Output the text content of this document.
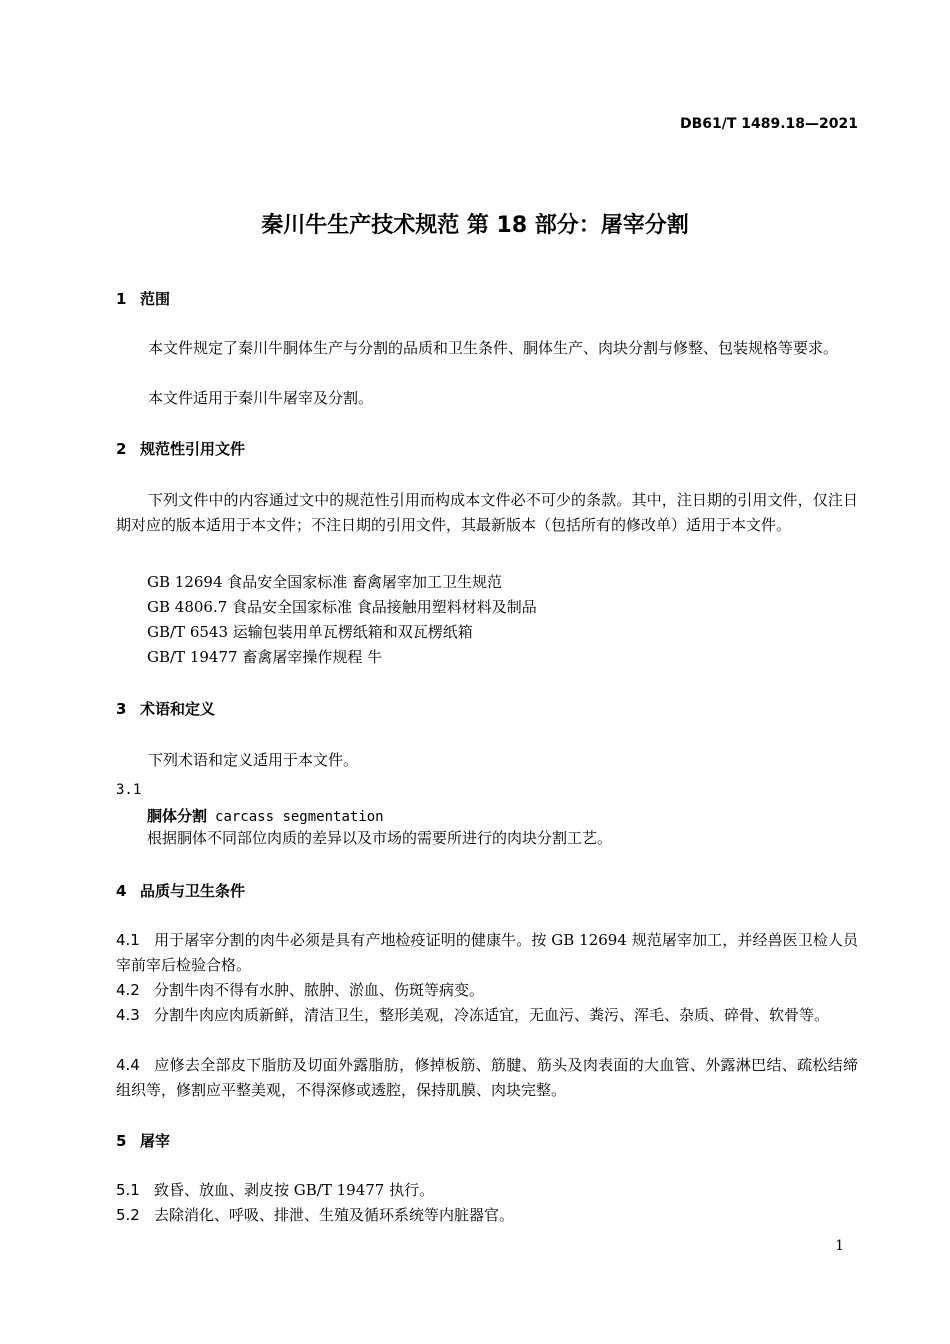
DB61/T 1489.18—2021
秦川牛生产技术规范 第 18 部分：屠宰分割
1 范围
本文件规定了秦川牛胴体生产与分割的品质和卫生条件、胴体生产、肉块分割与修整、包装规格等要求。
本文件适用于秦川牛屠宰及分割。
2 规范性引用文件
下列文件中的内容通过文中的规范性引用而构成本文件必不可少的条款。其中，注日期的引用文件，仅注日期对应的版本适用于本文件；不注日期的引用文件，其最新版本（包括所有的修改单）适用于本文件。
GB 12694 食品安全国家标准 畜禽屠宰加工卫生规范
GB 4806.7 食品安全国家标准 食品接触用塑料材料及制品
GB/T 6543 运输包装用单瓦楞纸箱和双瓦楞纸箱
GB/T 19477 畜禽屠宰操作规程 牛
3 术语和定义
下列术语和定义适用于本文件。
3.1
胴体分割 carcass segmentation
根据胴体不同部位肉质的差异以及市场的需要所进行的肉块分割工艺。
4 品质与卫生条件
4.1 用于屠宰分割的肉牛必须是具有产地检疫证明的健康牛。按 GB 12694 规范屠宰加工，并经兽医卫检人员宰前宰后检验合格。
4.2 分割牛肉不得有水肿、脓肿、淤血、伤斑等病变。
4.3 分割牛肉应肉质新鲜，清洁卫生，整形美观，冷冻适宜，无血污、粪污、浑毛、杂质、碎骨、软骨等。
4.4 应修去全部皮下脂肪及切面外露脂肪，修掉板筋、筋腱、筋头及肉表面的大血管、外露淋巴结、疏松结缔组织等，修割应平整美观，不得深修或透腔，保持肌膜、肉块完整。
5 屠宰
5.1 致昏、放血、剥皮按 GB/T 19477 执行。
5.2 去除消化、呼吸、排泄、生殖及循环系统等内脏器官。
1
